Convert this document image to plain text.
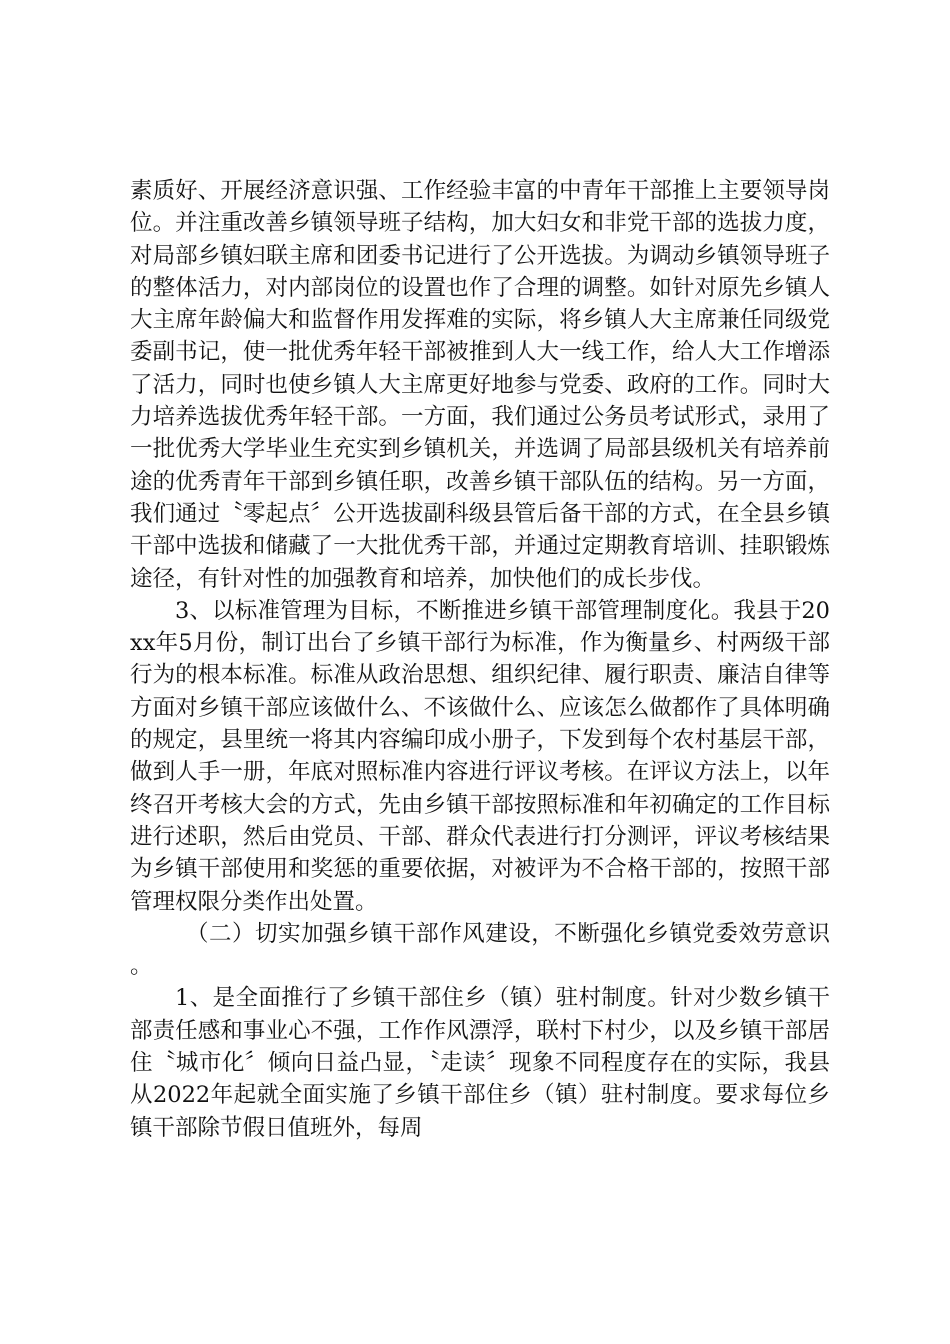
素质好、开展经济意识强、工作经验丰富的中青年干部推上主要领导岗位。并注重改善乡镇领导班子结构，加大妇女和非党干部的选拔力度，对局部乡镇妇联主席和团委书记进行了公开选拔。为调动乡镇领导班子的整体活力，对内部岗位的设置也作了合理的调整。如针对原先乡镇人大主席年龄偏大和监督作用发挥难的实际，将乡镇人大主席兼任同级党委副书记，使一批优秀年轻干部被推到人大一线工作，给人大工作增添了活力，同时也使乡镇人大主席更好地参与党委、政府的工作。同时大力培养选拔优秀年轻干部。一方面，我们通过公务员考试形式，录用了一批优秀大学毕业生充实到乡镇机关，并选调了局部县级机关有培养前途的优秀青年干部到乡镇任职，改善乡镇干部队伍的结构。另一方面，我们通过〝零起点〞公开选拔副科级县管后备干部的方式，在全县乡镇干部中选拔和储藏了一大批优秀干部，并通过定期教育培训、挂职锻炼途径，有针对性的加强教育和培养，加快他们的成长步伐。

3、以标准管理为目标，不断推进乡镇干部管理制度化。我县于20xx年5月份，制订出台了乡镇干部行为标准，作为衡量乡、村两级干部行为的根本标准。标准从政治思想、组织纪律、履行职责、廉洁自律等方面对乡镇干部应该做什么、不该做什么、应该怎么做都作了具体明确的规定，县里统一将其内容编印成小册子，下发到每个农村基层干部，做到人手一册，年底对照标准内容进行评议考核。在评议方法上，以年终召开考核大会的方式，先由乡镇干部按照标准和年初确定的工作目标进行述职，然后由党员、干部、群众代表进行打分测评，评议考核结果为乡镇干部使用和奖惩的重要依据，对被评为不合格干部的，按照干部管理权限分类作出处置。

（二）切实加强乡镇干部作风建设，不断强化乡镇党委效劳意识。

1、是全面推行了乡镇干部住乡（镇）驻村制度。针对少数乡镇干部责任感和事业心不强，工作作风漂浮，联村下村少，以及乡镇干部居住〝城市化〞倾向日益凸显，〝走读〞现象不同程度存在的实际，我县从2022年起就全面实施了乡镇干部住乡（镇）驻村制度。要求每位乡镇干部除节假日值班外，每周
